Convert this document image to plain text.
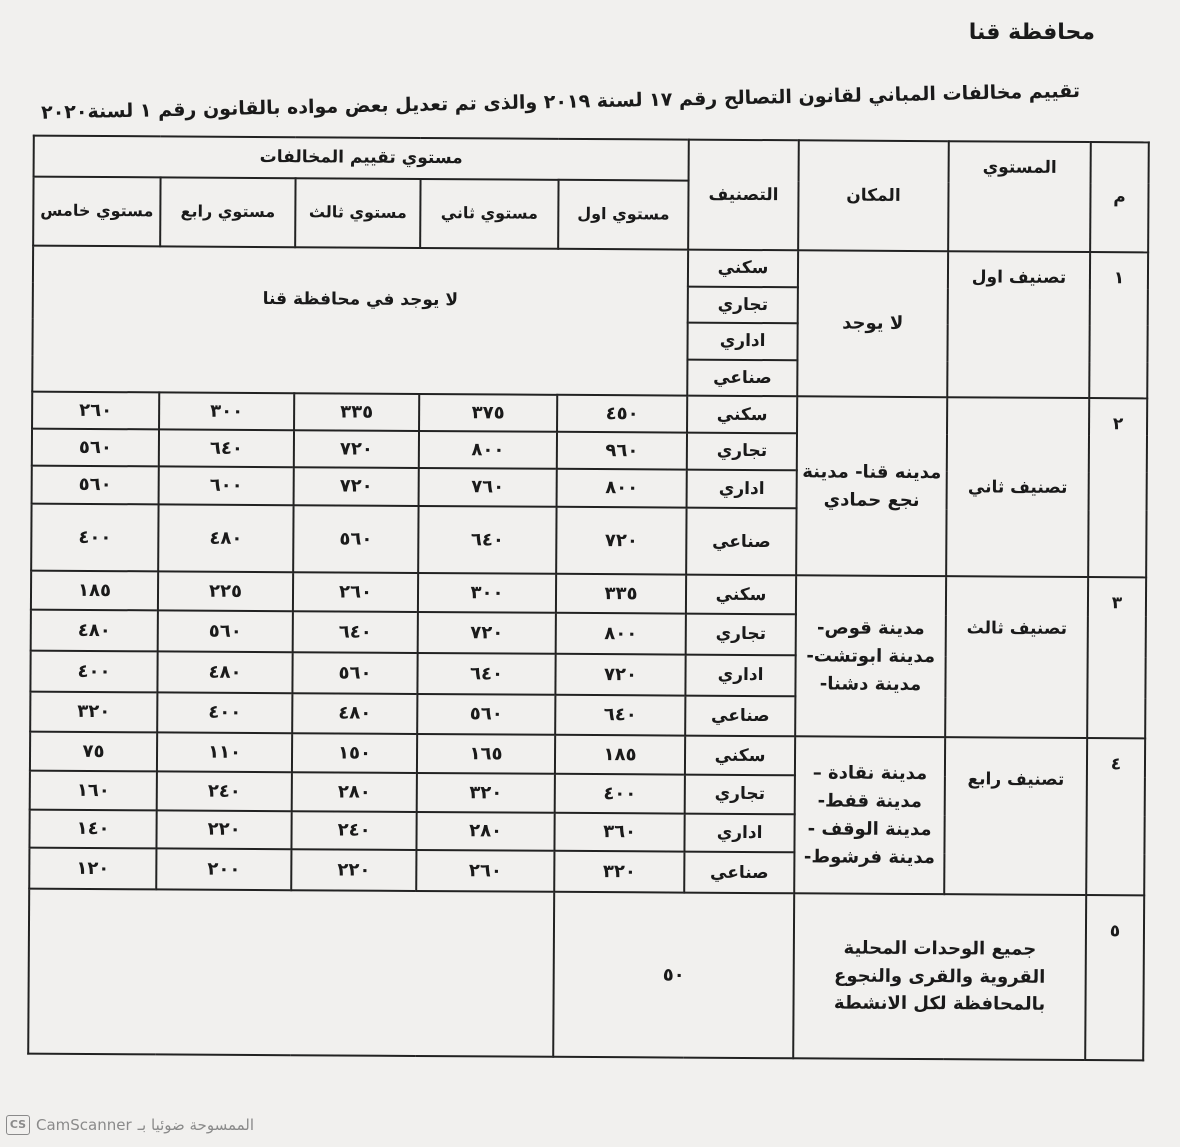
محافظة قنا
تقييم مخالفات المباني لقانون التصالح رقم ١٧ لسنة ٢٠١٩ والذى تم تعديل بعض مواده بالقانون رقم ١ لسنة٢٠٢٠
م	المستوي	المكان	التصنيف	مستوي تقييم المخالفات				
				مستوي اول	مستوي ثاني	مستوي ثالث	مستوي رابع	مستوي خامس
١	تصنيف اول	لا يوجد	سكني	لا يوجد في محافظة قنا				
			تجاري					
			اداري					
			صناعي					
٢	تصنيف ثاني	مدينه قنا- مدينة نجع حمادي	سكني	٤٥٠	٣٧٥	٣٣٥	٣٠٠	٢٦٠
			تجاري	٩٦٠	٨٠٠	٧٢٠	٦٤٠	٥٦٠
			اداري	٨٠٠	٧٦٠	٧٢٠	٦٠٠	٥٦٠
			صناعي	٧٢٠	٦٤٠	٥٦٠	٤٨٠	٤٠٠
٣	تصنيف ثالث	مدينة قوص- مدينة ابوتشت- مدينة دشنا-	سكني	٣٣٥	٣٠٠	٢٦٠	٢٢٥	١٨٥
			تجاري	٨٠٠	٧٢٠	٦٤٠	٥٦٠	٤٨٠
			اداري	٧٢٠	٦٤٠	٥٦٠	٤٨٠	٤٠٠
			صناعي	٦٤٠	٥٦٠	٤٨٠	٤٠٠	٣٢٠
٤	تصنيف رابع	مدينة نقادة – مدينة قفط- مدينة الوقف - مدينة فرشوط-	سكني	١٨٥	١٦٥	١٥٠	١١٠	٧٥
			تجاري	٤٠٠	٣٢٠	٢٨٠	٢٤٠	١٦٠
			اداري	٣٦٠	٢٨٠	٢٤٠	٢٢٠	١٤٠
			صناعي	٣٢٠	٢٦٠	٢٢٠	٢٠٠	١٢٠
٥	جميع الوحدات المحلية القروية والقرى والنجوع بالمحافظة لكل الانشطة		٥٠					
CS CamScanner الممسوحة ضوئيا بـ
